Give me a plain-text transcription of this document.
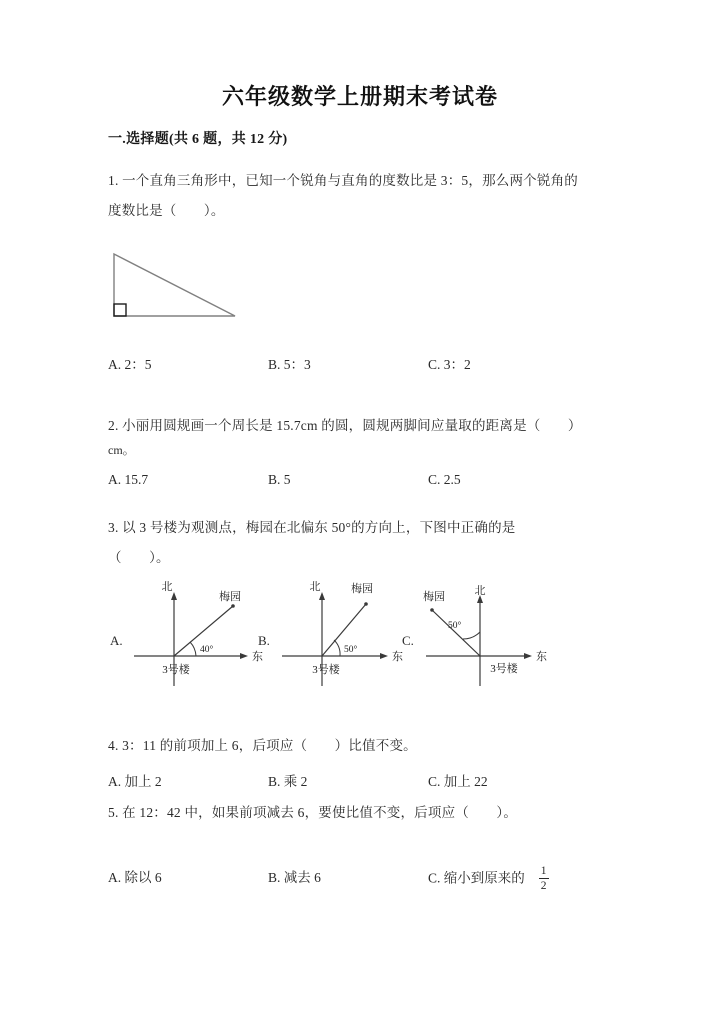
六年级数学上册期末考试卷
一.选择题(共 6 题，共 12 分)
1. 一个直角三角形中，已知一个锐角与直角的度数比是 3：5，那么两个锐角的
度数比是（　　）。
A. 2：5	B. 5：3	C. 3：2
2. 小丽用圆规画一个周长是 15.7cm 的圆，圆规两脚间应量取的距离是（　　）
cm。
A. 15.7	B. 5	C. 2.5
3. 以 3 号楼为观测点，梅园在北偏东 50°的方向上，下图中正确的是
（　　）。
A.
北
东
梅园
40°
3号楼
B.
北
东
梅园
50°
3号楼
C.
北
东
梅园
50°
3号楼
4. 3：11 的前项加上 6，后项应（　　）比值不变。
A. 加上 2	B. 乘 2	C. 加上 22
5. 在 12：42 中，如果前项减去 6，要使比值不变，后项应（　　）。
A. 除以 6	B. 减去 6	C. 缩小到原来的 $\frac{1}{2}$
